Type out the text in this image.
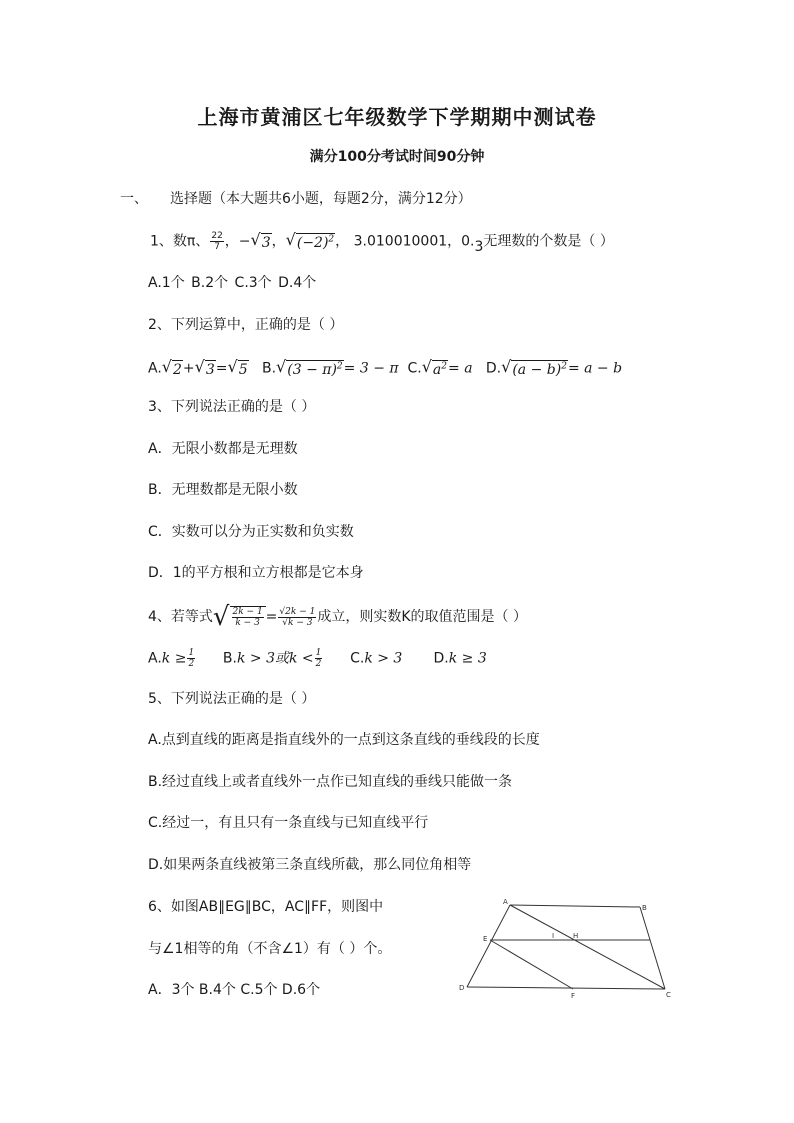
上海市黄浦区七年级数学下学期期中测试卷
满分100分考试时间90分钟
一、 选择题（本大题共6小题，每题2分，满分12分）
1、数π、 $\frac{22}{7}$ ，− √ 3 ， √ $(-2)^2$ ， 3.010010001，0.3无理数的个数是（ ）
A.1个 B.2个 C.3个 D.4个
2、下列运算中，正确的是（ ）
A. √ 2 + √ 3 = √ 5 B. √ $(3 - \pi)^2 = 3 - \pi$ C. √ $a^2 = a$ D. √ $(a - b)^2 = a - b$
3、下列说法正确的是（ ）
A．无限小数都是无理数
B．无理数都是无限小数
C．实数可以分为正实数和负实数
D．1的平方根和立方根都是它本身
4、若等式 √ $\frac{2k - 1}{k - 3} = \frac{√2k - 1}{√k - 3}$ 成立，则实数K的取值范围是（ ）
$A.k \ge \frac{1}{2} B.k > 3$或$k < \frac{1}{2} C.k > 3$ D.k ≥ 3
5、下列说法正确的是（ ）
A.点到直线的距离是指直线外的一点到这条直线的垂线段的长度
B.经过直线上或者直线外一点作已知直线的垂线只能做一条
C.经过一，有且只有一条直线与已知直线平行
D.如果两条直线被第三条直线所截，那么同位角相等
6、如图AB∥EG∥BC，AC∥FF，则图中
与∠1相等的角（不含∠1）有（ ）个。
A．3个 B.4个 C.5个 D.6个
A
B
E	I	H
D
F	C
